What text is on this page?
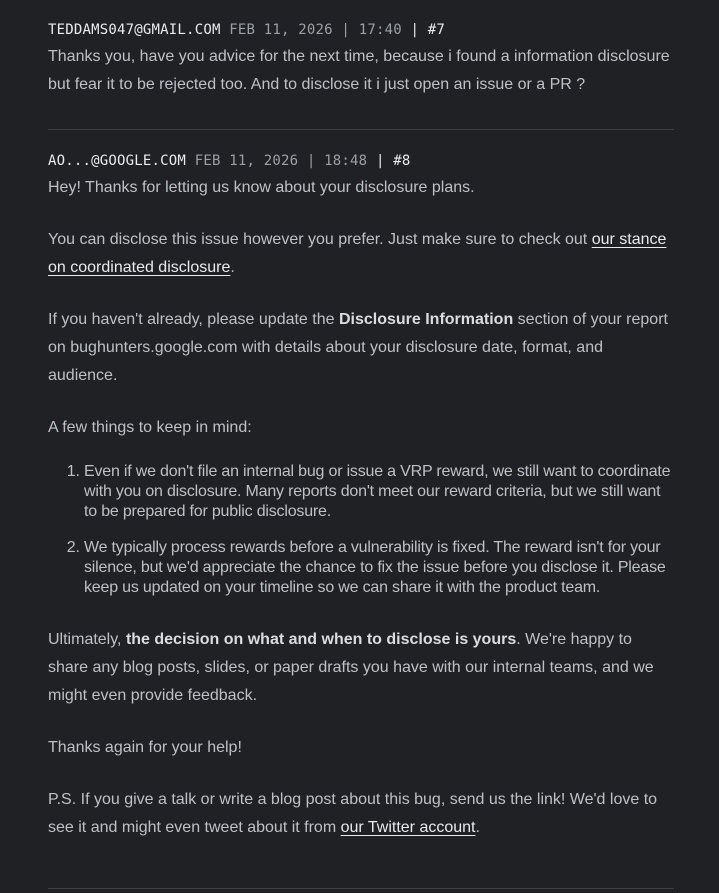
TEDDAMS047@GMAIL.COM FEB 11, 2026 | 17:40 | #7

Thanks you, have you advice for the next time, because i found a information disclosure but fear it to be rejected too. And to disclose it i just open an issue or a PR ?

AO...@GOOGLE.COM FEB 11, 2026 | 18:48 | #8

Hey! Thanks for letting us know about your disclosure plans.

You can disclose this issue however you prefer. Just make sure to check out our stance on coordinated disclosure.

If you haven't already, please update the Disclosure Information section of your report on bughunters.google.com with details about your disclosure date, format, and audience.

A few things to keep in mind:

1. Even if we don't file an internal bug or issue a VRP reward, we still want to coordinate with you on disclosure. Many reports don't meet our reward criteria, but we still want to be prepared for public disclosure.
2. We typically process rewards before a vulnerability is fixed. The reward isn't for your silence, but we'd appreciate the chance to fix the issue before you disclose it. Please keep us updated on your timeline so we can share it with the product team.

Ultimately, the decision on what and when to disclose is yours. We're happy to share any blog posts, slides, or paper drafts you have with our internal teams, and we might even provide feedback.

Thanks again for your help!

P.S. If you give a talk or write a blog post about this bug, send us the link! We'd love to see it and might even tweet about it from our Twitter account.
